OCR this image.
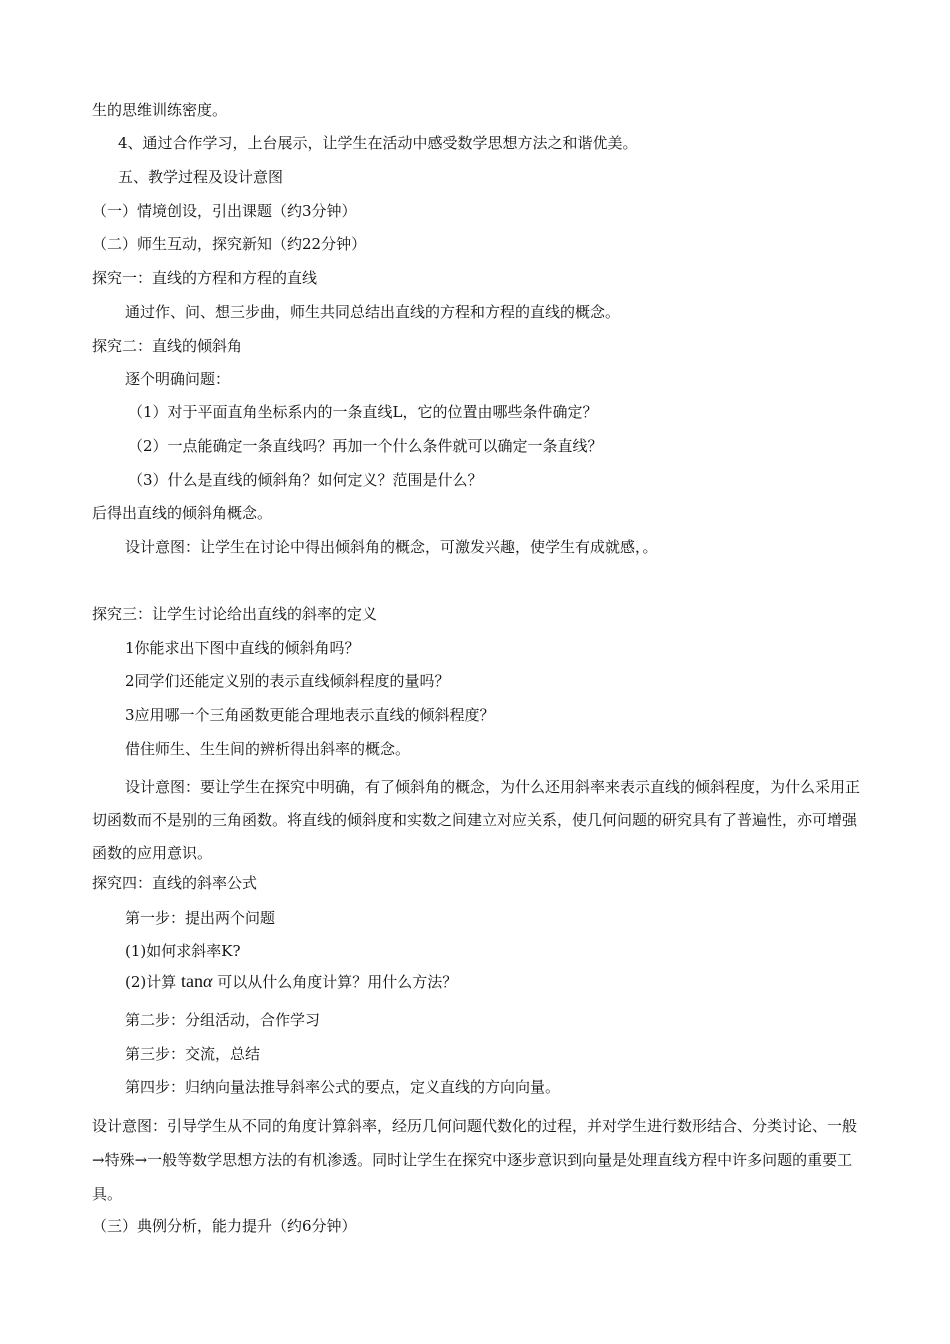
生的思维训练密度。
4、通过合作学习，上台展示，让学生在活动中感受数学思想方法之和谐优美。
五、教学过程及设计意图
（一）情境创设，引出课题（约3分钟）
（二）师生互动，探究新知（约22分钟）
探究一：直线的方程和方程的直线
通过作、问、想三步曲，师生共同总结出直线的方程和方程的直线的概念。
探究二：直线的倾斜角
逐个明确问题：
（1）对于平面直角坐标系内的一条直线L，它的位置由哪些条件确定？
（2）一点能确定一条直线吗？再加一个什么条件就可以确定一条直线？
（3）什么是直线的倾斜角？如何定义？范围是什么？
后得出直线的倾斜角概念。
设计意图：让学生在讨论中得出倾斜角的概念，可激发兴趣，使学生有成就感，。
探究三：让学生讨论给出直线的斜率的定义
1你能求出下图中直线的倾斜角吗？
2同学们还能定义别的表示直线倾斜程度的量吗？
3应用哪一个三角函数更能合理地表示直线的倾斜程度？
借住师生、生生间的辨析得出斜率的概念。
设计意图：要让学生在探究中明确，有了倾斜角的概念，为什么还用斜率来表示直线的倾斜程度，为什么采用正切函数而不是别的三角函数。将直线的倾斜度和实数之间建立对应关系，使几何问题的研究具有了普遍性，亦可增强函数的应用意识。
探究四：直线的斜率公式
第一步：提出两个问题
(1)如何求斜率K?
(2)计算 tanα 可以从什么角度计算？用什么方法？
第二步：分组活动，合作学习
第三步：交流，总结
第四步：归纳向量法推导斜率公式的要点，定义直线的方向向量。
设计意图：引导学生从不同的角度计算斜率，经历几何问题代数化的过程，并对学生进行数形结合、分类讨论、一般→特殊→一般等数学思想方法的有机渗透。同时让学生在探究中逐步意识到向量是处理直线方程中许多问题的重要工具。
（三）典例分析，能力提升（约6分钟）
